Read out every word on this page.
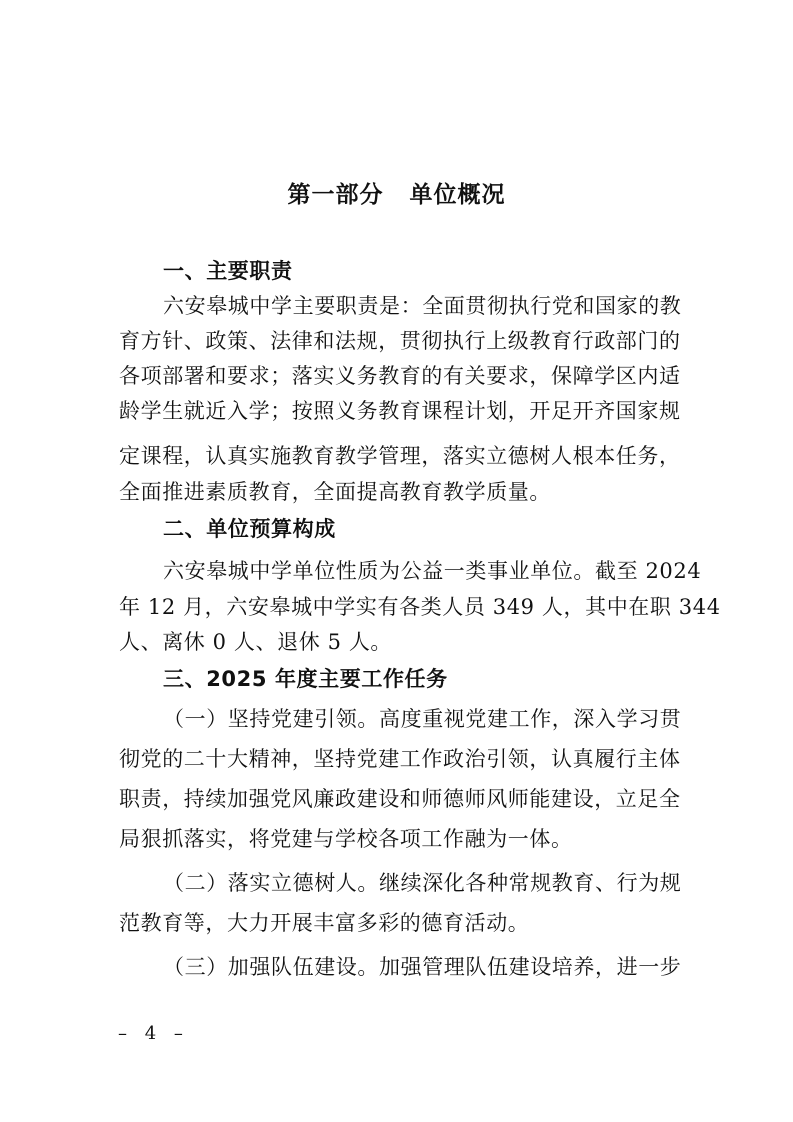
第一部分 单位概况

一、主要职责

六安皋城中学主要职责是：全面贯彻执行党和国家的教

育方针、政策、法律和法规，贯彻执行上级教育行政部门的

各项部署和要求；落实义务教育的有关要求，保障学区内适

龄学生就近入学；按照义务教育课程计划，开足开齐国家规

定课程，认真实施教育教学管理，落实立德树人根本任务，

全面推进素质教育，全面提高教育教学质量。

二、单位预算构成

六安皋城中学单位性质为公益一类事业单位。截至 2024

年 12 月，六安皋城中学实有各类人员 349 人，其中在职 344

人、离休 0 人、退休 5 人。

三、2025 年度主要工作任务

（一）坚持党建引领。高度重视党建工作，深入学习贯

彻党的二十大精神，坚持党建工作政治引领，认真履行主体

职责，持续加强党风廉政建设和师德师风师能建设，立足全

局狠抓落实，将党建与学校各项工作融为一体。

（二）落实立德树人。继续深化各种常规教育、行为规

范教育等，大力开展丰富多彩的德育活动。

（三）加强队伍建设。加强管理队伍建设培养，进一步

– 4 –
